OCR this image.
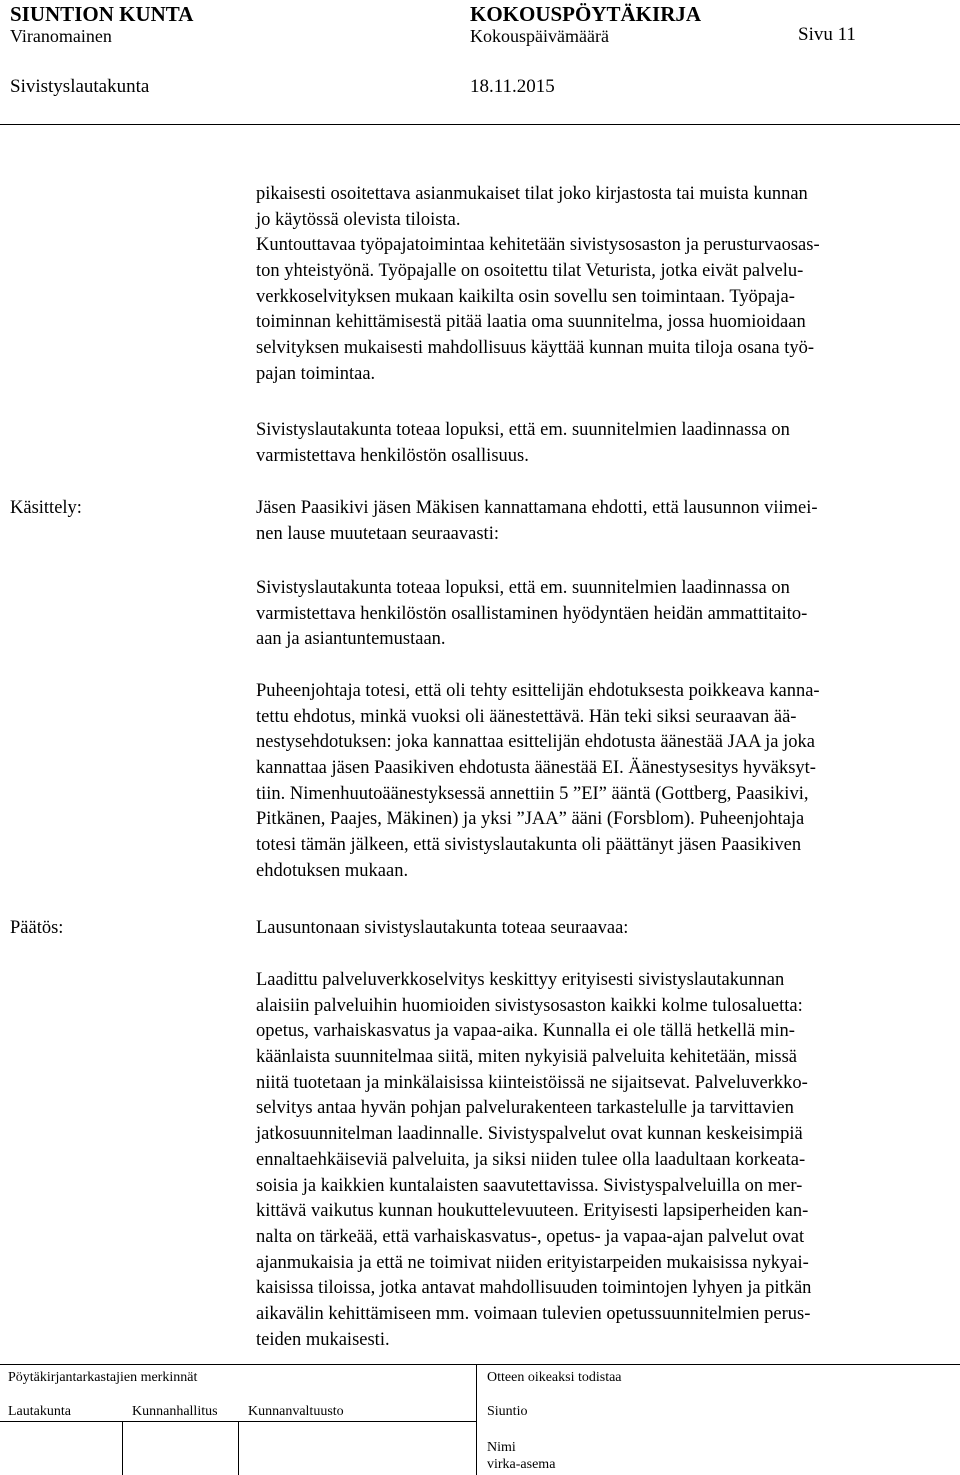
SIUNTION KUNTA	KOKOUSPÖYTÄKIRJA
Viranomainen	Kokouspäivämäärä	Sivu 11
Sivistyslautakunta	18.11.2015
pikaisesti osoitettava asianmukaiset tilat joko kirjastosta tai muista kunnan
jo käytössä olevista tiloista.
Kuntouttavaa työpajatoimintaa kehitetään sivistysosaston ja perusturvaosas-
ton yhteistyönä. Työpajalle on osoitettu tilat Veturista, jotka eivät palvelu-
verkkoselvityksen mukaan kaikilta osin sovellu sen toimintaan. Työpaja-
toiminnan kehittämisestä pitää laatia oma suunnitelma, jossa huomioidaan
selvityksen mukaisesti mahdollisuus käyttää kunnan muita tiloja osana työ-
pajan toimintaa.
Sivistyslautakunta toteaa lopuksi, että em. suunnitelmien laadinnassa on
varmistettava henkilöstön osallisuus.
Käsittely:	Jäsen Paasikivi jäsen Mäkisen kannattamana ehdotti, että lausunnon viimei-
nen lause muutetaan seuraavasti:
Sivistyslautakunta toteaa lopuksi, että em. suunnitelmien laadinnassa on
varmistettava henkilöstön osallistaminen hyödyntäen heidän ammattitaito-
aan ja asiantuntemustaan.
Puheenjohtaja totesi, että oli tehty esittelijän ehdotuksesta poikkeava kanna-
tettu ehdotus, minkä vuoksi oli äänestettävä. Hän teki siksi seuraavan ää-
nestysehdotuksen: joka kannattaa esittelijän ehdotusta äänestää JAA ja joka
kannattaa jäsen Paasikiven ehdotusta äänestää EI. Äänestysesitys hyväksyt-
tiin. Nimenhuutoäänestyksessä annettiin 5 ”EI” ääntä (Gottberg, Paasikivi,
Pitkänen, Paajes, Mäkinen) ja yksi ”JAA” ääni (Forsblom). Puheenjohtaja
totesi tämän jälkeen, että sivistyslautakunta oli päättänyt jäsen Paasikiven
ehdotuksen mukaan.
Päätös:	Lausuntonaan sivistyslautakunta toteaa seuraavaa:
Laadittu palveluverkkoselvitys keskittyy erityisesti sivistyslautakunnan
alaisiin palveluihin huomioiden sivistysosaston kaikki kolme tulosaluetta:
opetus, varhaiskasvatus ja vapaa-aika. Kunnalla ei ole tällä hetkellä min-
käänlaista suunnitelmaa siitä, miten nykyisiä palveluita kehitetään, missä
niitä tuotetaan ja minkälaisissa kiinteistöissä ne sijaitsevat. Palveluverkko-
selvitys antaa hyvän pohjan palvelurakenteen tarkastelulle ja tarvittavien
jatkosuunnitelman laadinnalle. Sivistyspalvelut ovat kunnan keskeisimpiä
ennaltaehkäiseviä palveluita, ja siksi niiden tulee olla laadultaan korkeata-
soisia ja kaikkien kuntalaisten saavutettavissa. Sivistyspalveluilla on mer-
kittävä vaikutus kunnan houkuttelevuuteen. Erityisesti lapsiperheiden kan-
nalta on tärkeää, että varhaiskasvatus-, opetus- ja vapaa-ajan palvelut ovat
ajanmukaisia ja että ne toimivat niiden erityistarpeiden mukaisissa nykyai-
kaisissa tiloissa, jotka antavat mahdollisuuden toimintojen lyhyen ja pitkän
aikavälin kehittämiseen mm. voimaan tulevien opetussuunnitelmien perus-
teiden mukaisesti.
Pöytäkirjantarkastajien merkinnät	Otteen oikeaksi todistaa
Lautakunta	Kunnanhallitus Kunnanvaltuusto	Siuntio
Nimi
virka-asema
